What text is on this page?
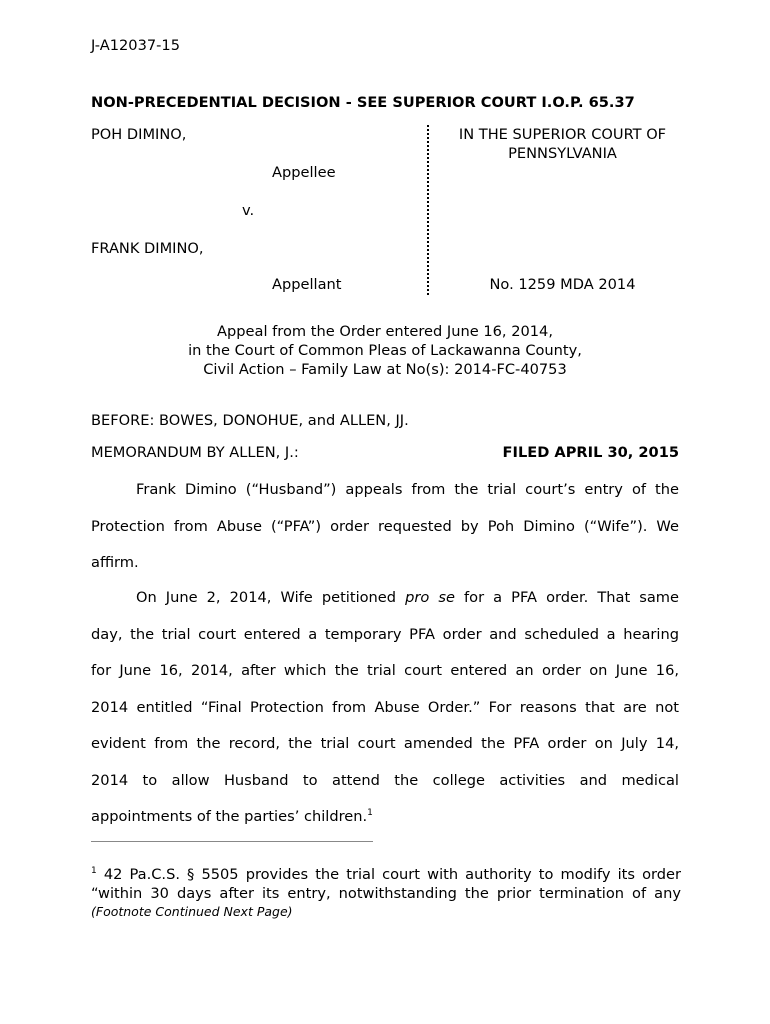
J-A12037-15
NON-PRECEDENTIAL DECISION - SEE SUPERIOR COURT I.O.P. 65.37
POH DIMINO,
Appellee
v.
FRANK DIMINO,
Appellant
IN THE SUPERIOR COURT OF
PENNSYLVANIA
No. 1259 MDA 2014
Appeal from the Order entered June 16, 2014,
in the Court of Common Pleas of Lackawanna County,
Civil Action – Family Law at No(s): 2014-FC-40753
BEFORE: BOWES, DONOHUE, and ALLEN, JJ.
MEMORANDUM BY ALLEN, J.:	FILED APRIL 30, 2015
Frank Dimino (“Husband”) appeals from the trial court’s entry of the
Protection from Abuse (“PFA”) order requested by Poh Dimino (“Wife”). We
affirm.
On June 2, 2014, Wife petitioned pro se for a PFA order. That same
day, the trial court entered a temporary PFA order and scheduled a hearing
for June 16, 2014, after which the trial court entered an order on June 16,
2014 entitled “Final Protection from Abuse Order.” For reasons that are not
evident from the record, the trial court amended the PFA order on July 14,
2014 to allow Husband to attend the college activities and medical
appointments of the parties’ children.$^1$
$^1$ 42 Pa.C.S. § 5505 provides the trial court with authority to modify its order
“within 30 days after its entry, notwithstanding the prior termination of any
(Footnote Continued Next Page)
